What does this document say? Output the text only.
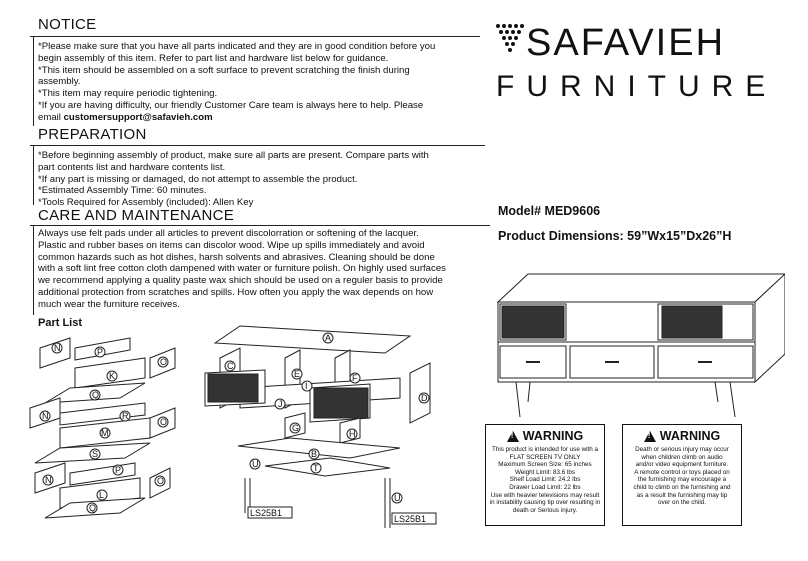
NOTICE
*Please make sure that you have all parts indicated and they are in good condition before you
begin assembly of this item. Refer to part list and hardware list below for guidance.
*This item should be assembled on a soft surface to prevent scratching the finish during
assembly.
*This item may require periodic tightening.
*If you are having difficulty, our friendly Customer Care team is always here to help. Please
email customersupport@safavieh.com
PREPARATION
*Before beginning assembly of product, make sure all parts are present. Compare parts with
part contents list and hardware contents list.
*If any part is missing or damaged, do not attempt to assemble the product.
*Estimated Assembly Time: 60 minutes.
*Tools Required for Assembly (included): Allen Key
CARE AND MAINTENANCE
Always use felt pads under all articles to prevent discolorration or softening of the lacquer.
Plastic and rubber bases on items can discolor wood. Wipe up spills immediately and avoid
common hazards such as hot dishes, harsh solvents and abrasives. Cleaning should be done
with a soft lint free cotton cloth dampened with water or furniture polish. On highly used surfaces
we recommend applying a quality paste wax shich should be used on a reguler basis to provide
additional protection from scratches and spills. How often you apply the wax depends on how
much wear the furniture receives.
Part List
SAFAVIEH
FURNITURE
Model# MED9606
Product Dimensions: 59”Wx15”Dx26”H
!
WARNING
This product is intended for use with a
FLAT SCREEN TV ONLY
Maximum Screen Size: 65 inches
Weight Limit: 83.6 lbs
Shelf Load Limit: 24.2 lbs
Drawer Load Limit: 22 lbs
Use with heavier televisions may result
in instability causing tip over resulting in
death or Serious injury.
!
WARNING
Death or serious injury may occur
when children climb on audio
and/or video equipment furniture.
A remote control or toys placed on
the furnishing may encourage a
child to climb on the furnishing and
as a result the furnishing may tip
over on the child.
N	P
K
O
Q
N	R
M
O
S
N
P
L
O
Q
A
C
E
I
F
J
D
G
H
B
T
U
U
LS25B1
LS25B1
